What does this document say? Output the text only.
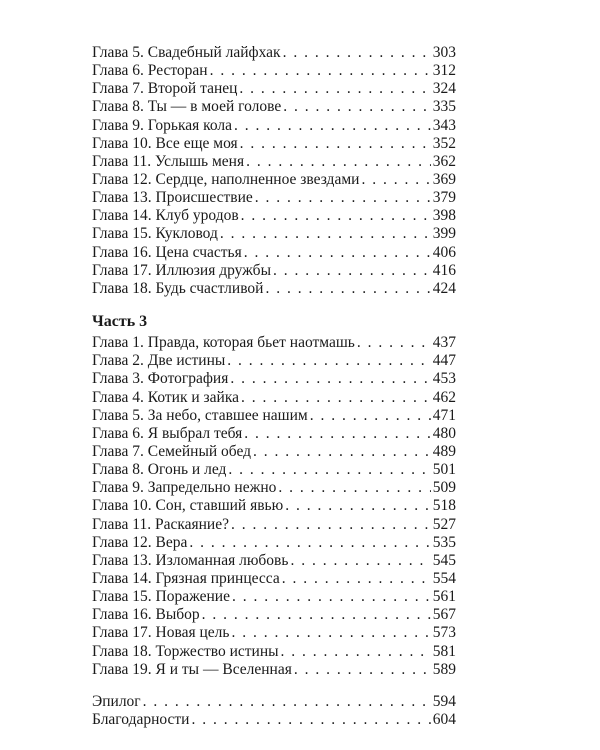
Глава 5. Свадебный лайфхак . . .	303
Глава 6. Ресторан . . .	312
Глава 7. Второй танец . . .	324
Глава 8. Ты — в моей голове . . .	335
Глава 9. Горькая кола . . .	343
Глава 10. Все еще моя . . .	352
Глава 11. Услышь меня . . .	362
Глава 12. Сердце, наполненное звездами . . .	369
Глава 13. Происшествие . . .	379
Глава 14. Клуб уродов . . .	398
Глава 15. Кукловод . . .	399
Глава 16. Цена счастья . . .	406
Глава 17. Иллюзия дружбы . . .	416
Глава 18. Будь счастливой . . .	424
Часть 3
Глава 1. Правда, которая бьет наотмашь . . .	437
Глава 2. Две истины . . .	447
Глава 3. Фотография . . .	453
Глава 4. Котик и зайка . . .	462
Глава 5. За небо, ставшее нашим . . .	471
Глава 6. Я выбрал тебя . . .	480
Глава 7. Семейный обед . . .	489
Глава 8. Огонь и лед . . .	501
Глава 9. Запредельно нежно . . .	509
Глава 10. Сон, ставший явью . . .	518
Глава 11. Раскаяние? . . .	527
Глава 12. Вера . . .	535
Глава 13. Изломанная любовь . . .	545
Глава 14. Грязная принцесса . . .	554
Глава 15. Поражение . . .	561
Глава 16. Выбор . . .	567
Глава 17. Новая цель . . .	573
Глава 18. Торжество истины . . .	581
Глава 19. Я и ты — Вселенная . . .	589
Эпилог . . .	594
Благодарности . . .	604
